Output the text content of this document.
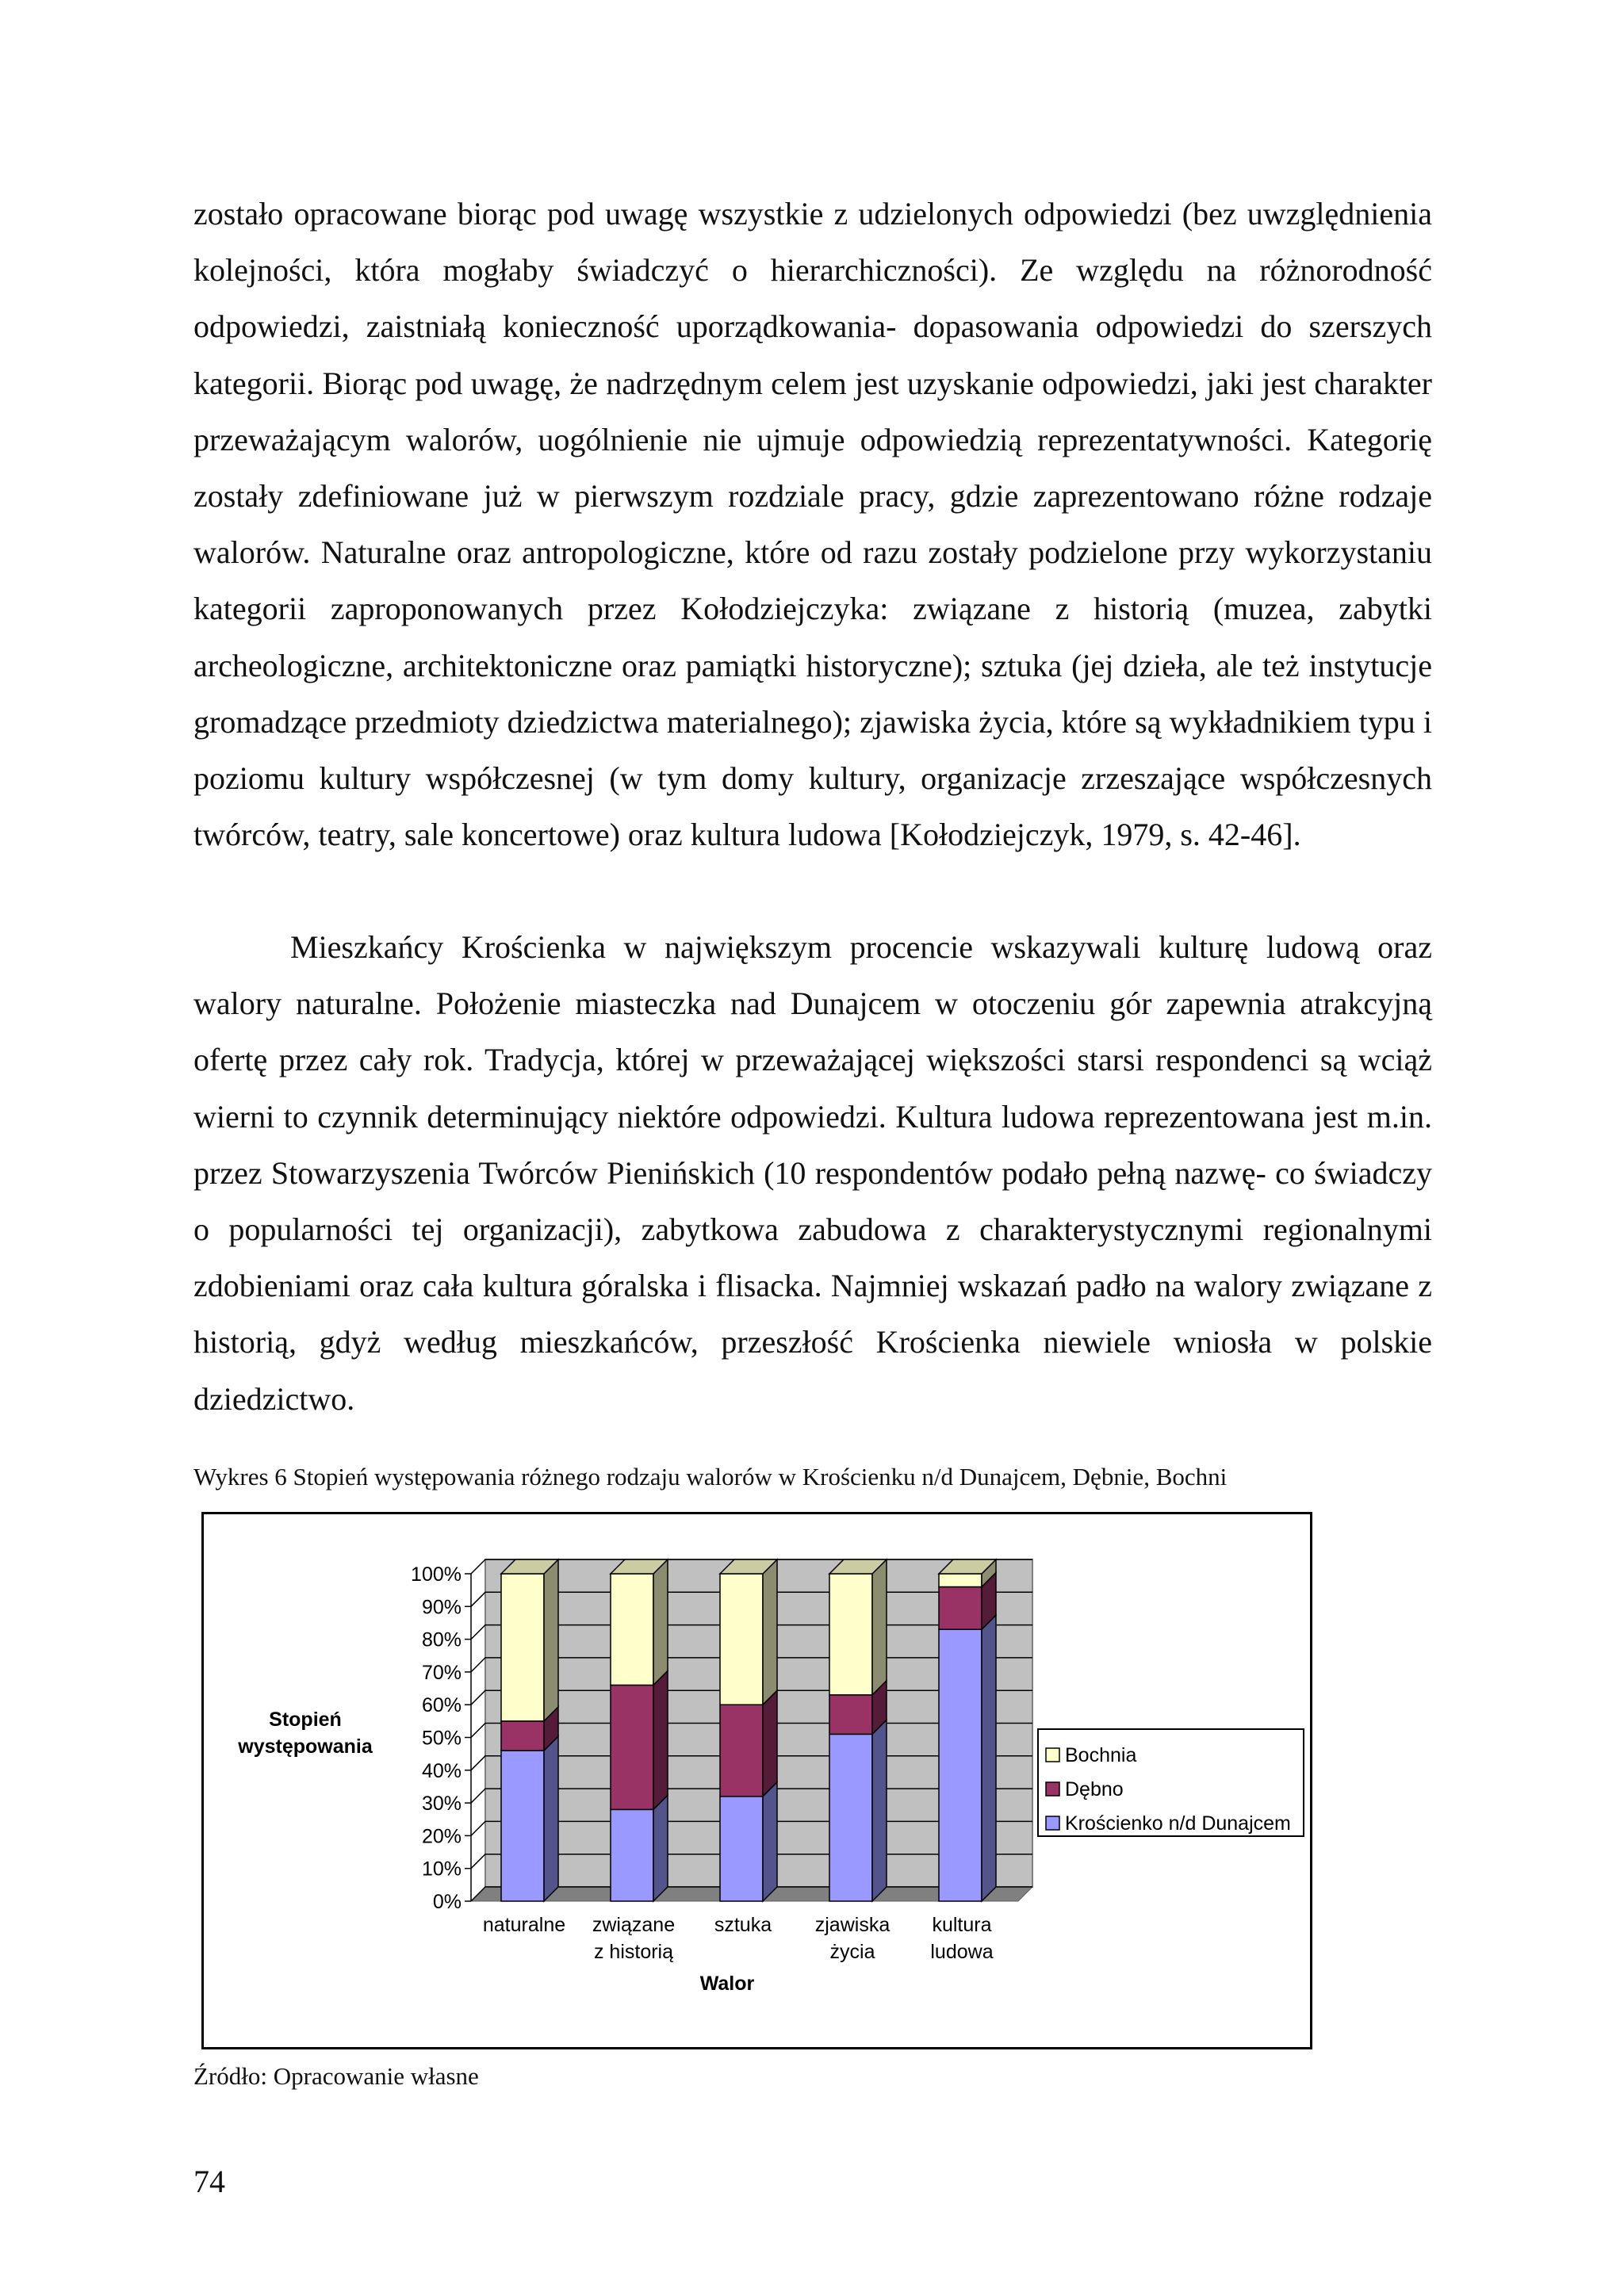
zostało opracowane biorąc pod uwagę wszystkie z udzielonych odpowiedzi (bez uwzględnienia kolejności, która mogłaby świadczyć o hierarchiczności). Ze względu na różnorodność odpowiedzi, zaistniałą konieczność uporządkowania- dopasowania odpowiedzi do szerszych kategorii. Biorąc pod uwagę, że nadrzędnym celem jest uzyskanie odpowiedzi, jaki jest charakter przeważającym walorów, uogólnienie nie ujmuje odpowiedzią reprezentatywności. Kategorię zostały zdefiniowane już w pierwszym rozdziale pracy, gdzie zaprezentowano różne rodzaje walorów. Naturalne oraz antropologiczne, które od razu zostały podzielone przy wykorzystaniu kategorii zaproponowanych przez Kołodziejczyka: związane z historią (muzea, zabytki archeologiczne, architektoniczne oraz pamiątki historyczne); sztuka (jej dzieła, ale też instytucje gromadzące przedmioty dziedzictwa materialnego); zjawiska życia, które są wykładnikiem typu i poziomu kultury współczesnej (w tym domy kultury, organizacje zrzeszające współczesnych twórców, teatry, sale koncertowe) oraz kultura ludowa [Kołodziejczyk, 1979, s. 42-46].

Mieszkańcy Krościenka w największym procencie wskazywali kulturę ludową oraz walory naturalne. Położenie miasteczka nad Dunajcem w otoczeniu gór zapewnia atrakcyjną ofertę przez cały rok. Tradycja, której w przeważającej większości starsi respondenci są wciąż wierni to czynnik determinujący niektóre odpowiedzi. Kultura ludowa reprezentowana jest m.in. przez Stowarzyszenia Twórców Pienińskich (10 respondentów podało pełną nazwę- co świadczy o popularności tej organizacji), zabytkowa zabudowa z charakterystycznymi regionalnymi zdobieniami oraz cała kultura góralska i flisacka. Najmniej wskazań padło na walory związane z historią, gdyż według mieszkańców, przeszłość Krościenka niewiele wniosła w polskie dziedzictwo.

Wykres 6 Stopień występowania różnego rodzaju walorów w Krościenku n/d Dunajcem, Dębnie, Bochni
0%
10%
20%
30%
40%
50%
60%
70%
80%
90%
100%
naturalne związane
z historią
sztuka zjawiska
życia
kultura
ludowa
Stopień
występowania
Walor
Bochnia
Dębno
Krościenko n/d Dunajcem
Źródło: Opracowanie własne
74
